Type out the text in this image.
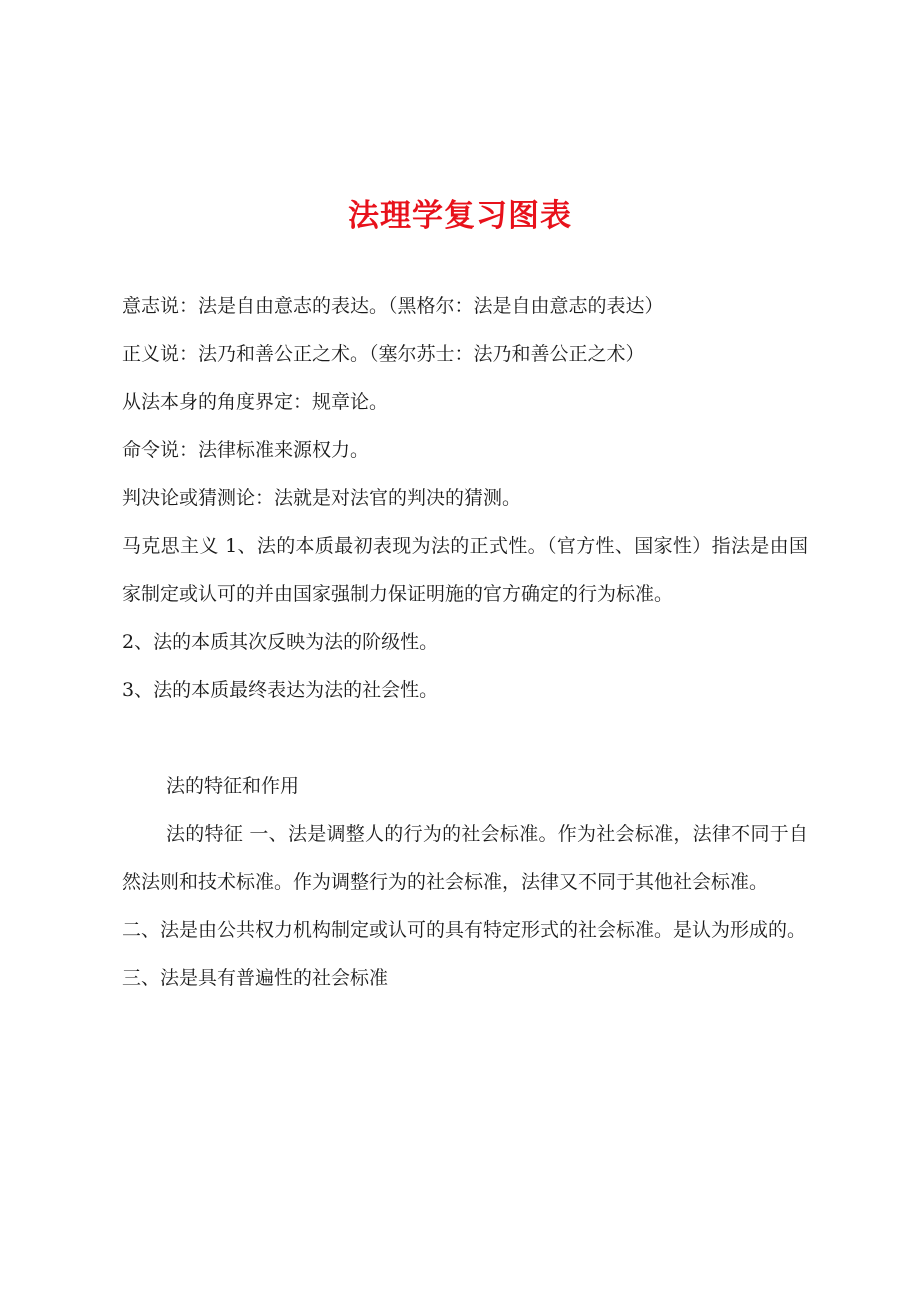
法理学复习图表

意志说：法是自由意志的表达。（黑格尔：法是自由意志的表达）

正义说：法乃和善公正之术。（塞尔苏士：法乃和善公正之术）

从法本身的角度界定：规章论。

命令说：法律标准来源权力。

判决论或猜测论：法就是对法官的判决的猜测。

马克思主义 1、法的本质最初表现为法的正式性。（官方性、国家性）指法是由国家制定或认可的并由国家强制力保证明施的官方确定的行为标准。

2、法的本质其次反映为法的阶级性。

3、法的本质最终表达为法的社会性。

法的特征和作用

法的特征 一、法是调整人的行为的社会标准。作为社会标准，法律不同于自然法则和技术标准。作为调整行为的社会标准，法律又不同于其他社会标准。

二、法是由公共权力机构制定或认可的具有特定形式的社会标准。是认为形成的。

三、法是具有普遍性的社会标准
